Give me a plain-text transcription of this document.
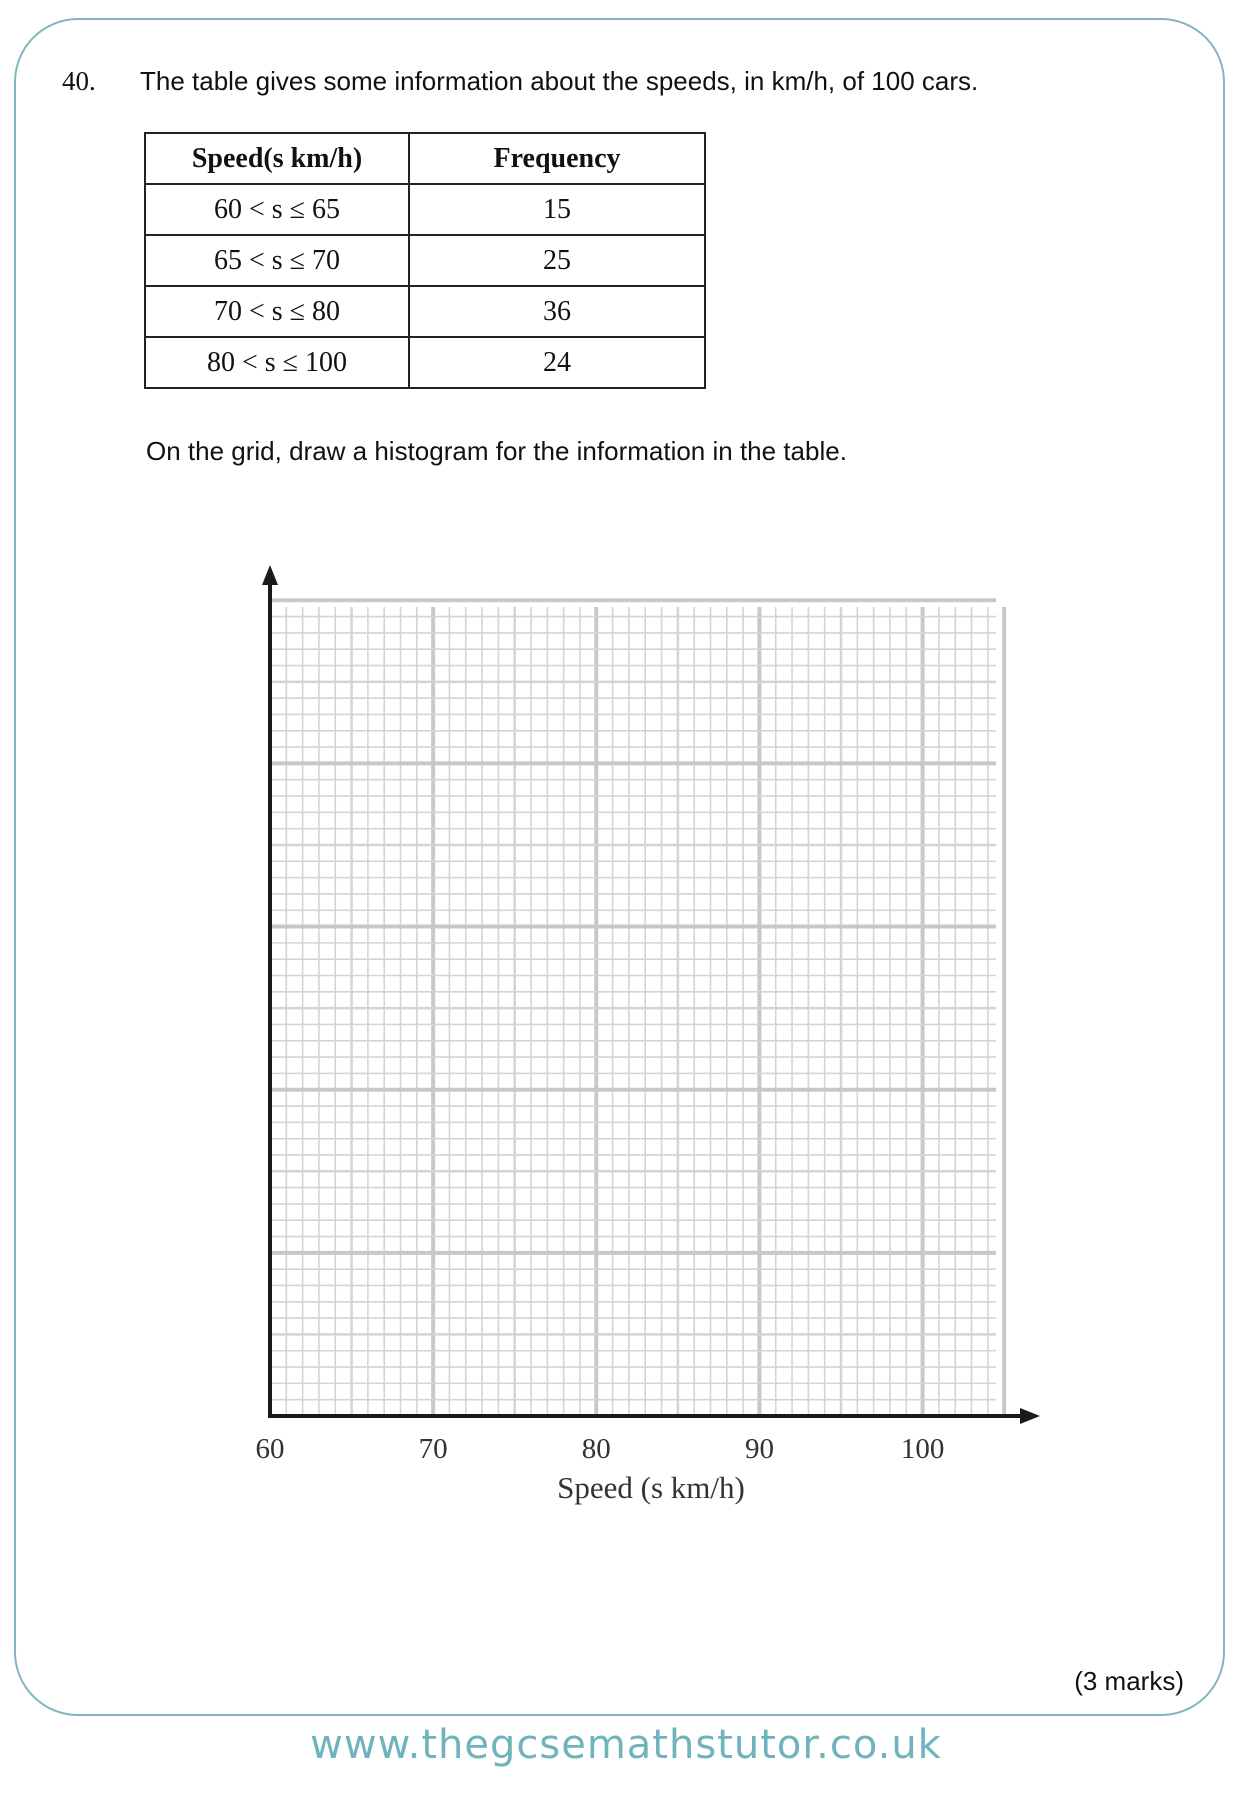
40. The table gives some information about the speeds, in km/h, of 100 cars.
Speed(s km/h)	Frequency
60 < s ≤ 65	15
65 < s ≤ 70	25
70 < s ≤ 80	36
80 < s ≤ 100	24
On the grid, draw a histogram for the information in the table.
60	70	80	90	100
Speed (s km/h)
(3 marks)
www.thegcsemathstutor.co.uk
